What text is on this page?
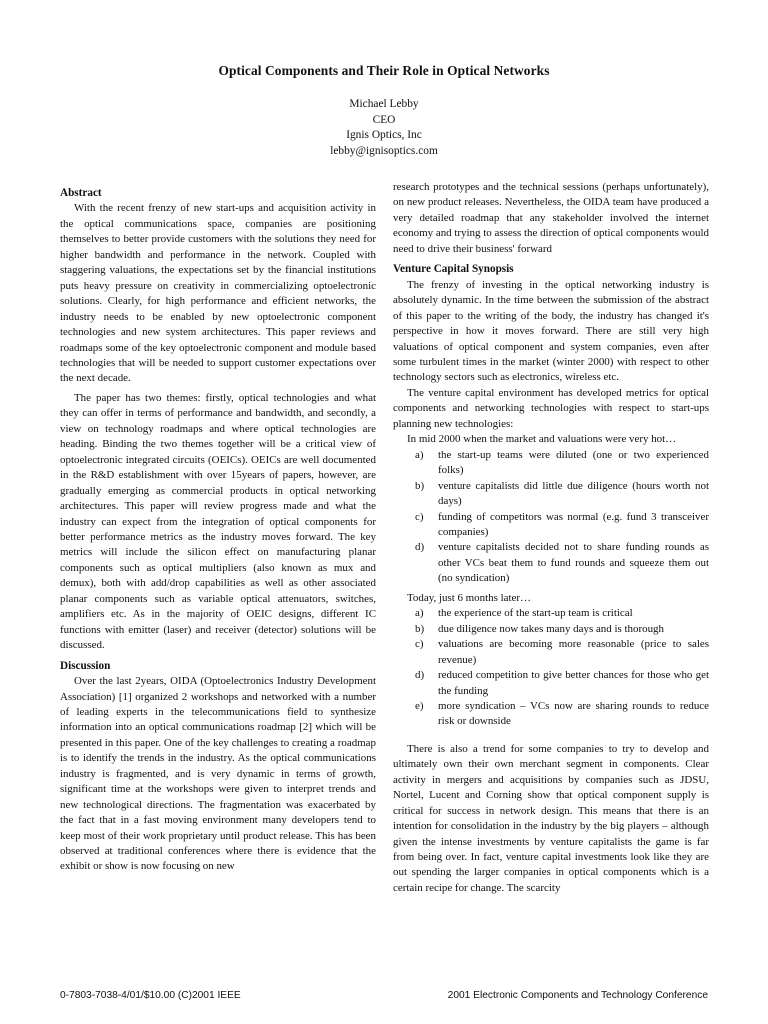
Optical Components and Their Role in Optical Networks
Michael Lebby
CEO
Ignis Optics, Inc
lebby@ignisoptics.com
Abstract

With the recent frenzy of new start-ups and acquisition activity in the optical communications space, companies are positioning themselves to better provide customers with the solutions they need for higher bandwidth and performance in the network. Coupled with staggering valuations, the expectations set by the financial institutions puts heavy pressure on creativity in commercializing optoelectronic solutions. Clearly, for high performance and efficient networks, the industry needs to be enabled by new optoelectronic component technologies and new system architectures. This paper reviews and roadmaps some of the key optoelectronic component and module based technologies that will be needed to support customer expectations over the next decade.

The paper has two themes: firstly, optical technologies and what they can offer in terms of performance and bandwidth, and secondly, a view on technology roadmaps and where optical technologies are heading. Binding the two themes together will be a critical view of optoelectronic integrated circuits (OEICs). OEICs are well documented in the R&D establishment with over 15years of papers, however, are gradually emerging as commercial products in optical networking architectures. This paper will review progress made and what the industry can expect from the integration of optical components for better performance metrics as the industry moves forward. The key metrics will include the silicon effect on manufacturing planar components such as optical multipliers (also known as mux and demux), both with add/drop capabilities as well as other associated planar components such as variable optical attenuators, switches, amplifiers etc. As in the majority of OEIC designs, different IC functions with emitter (laser) and receiver (detector) solutions will be discussed.

Discussion

Over the last 2years, OIDA (Optoelectronics Industry Development Association) [1] organized 2 workshops and networked with a number of leading experts in the telecommunications field to synthesize information into an optical communications roadmap [2] which will be presented in this paper. One of the key challenges to creating a roadmap is to identify the trends in the industry. As the optical communications industry is fragmented, and is very dynamic in terms of growth, significant time at the workshops were given to interpret trends and new technological directions. The fragmentation was exacerbated by the fact that in a fast moving environment many developers tend to keep most of their work proprietary until product release. This has been observed at traditional conferences where there is evidence that the exhibit or show is now focusing on new

research prototypes and the technical sessions (perhaps unfortunately), on new product releases. Nevertheless, the OIDA team have produced a very detailed roadmap that any stakeholder involved the internet economy and trying to assess the direction of optical components would need to drive their business' forward

Venture Capital Synopsis

The frenzy of investing in the optical networking industry is absolutely dynamic. In the time between the submission of the abstract of this paper to the writing of the body, the industry has changed it's perspective in how it moves forward. There are still very high valuations of optical component and system companies, even after some turbulent times in the market (winter 2000) with respect to other technology sectors such as electronics, wireless etc.

The venture capital environment has developed metrics for optical components and networking technologies with respect to start-ups planning new technologies:

In mid 2000 when the market and valuations were very hot…

a) the start-up teams were diluted (one or two experienced folks)
b) venture capitalists did little due diligence (hours worth not days)
c) funding of competitors was normal (e.g. fund 3 transceiver companies)
d) venture capitalists decided not to share funding rounds as other VCs beat them to fund rounds and squeeze them out (no syndication)

Today, just 6 months later…

a) the experience of the start-up team is critical
b) due diligence now takes many days and is thorough
c) valuations are becoming more reasonable (price to sales revenue)
d) reduced competition to give better chances for those who get the funding
e) more syndication – VCs now are sharing rounds to reduce risk or downside

There is also a trend for some companies to try to develop and ultimately own their own merchant segment in components. Clear activity in mergers and acquisitions by companies such as JDSU, Nortel, Lucent and Corning show that optical component supply is critical for success in network design. This means that there is an intention for consolidation in the industry by the big players – although given the intense investments by venture capitalists the game is far from being over. In fact, venture capital investments look like they are out spending the larger companies in optical components which is a certain recipe for change. The scarcity

0-7803-7038-4/01/$10.00 (C)2001 IEEE	2001 Electronic Components and Technology Conference
